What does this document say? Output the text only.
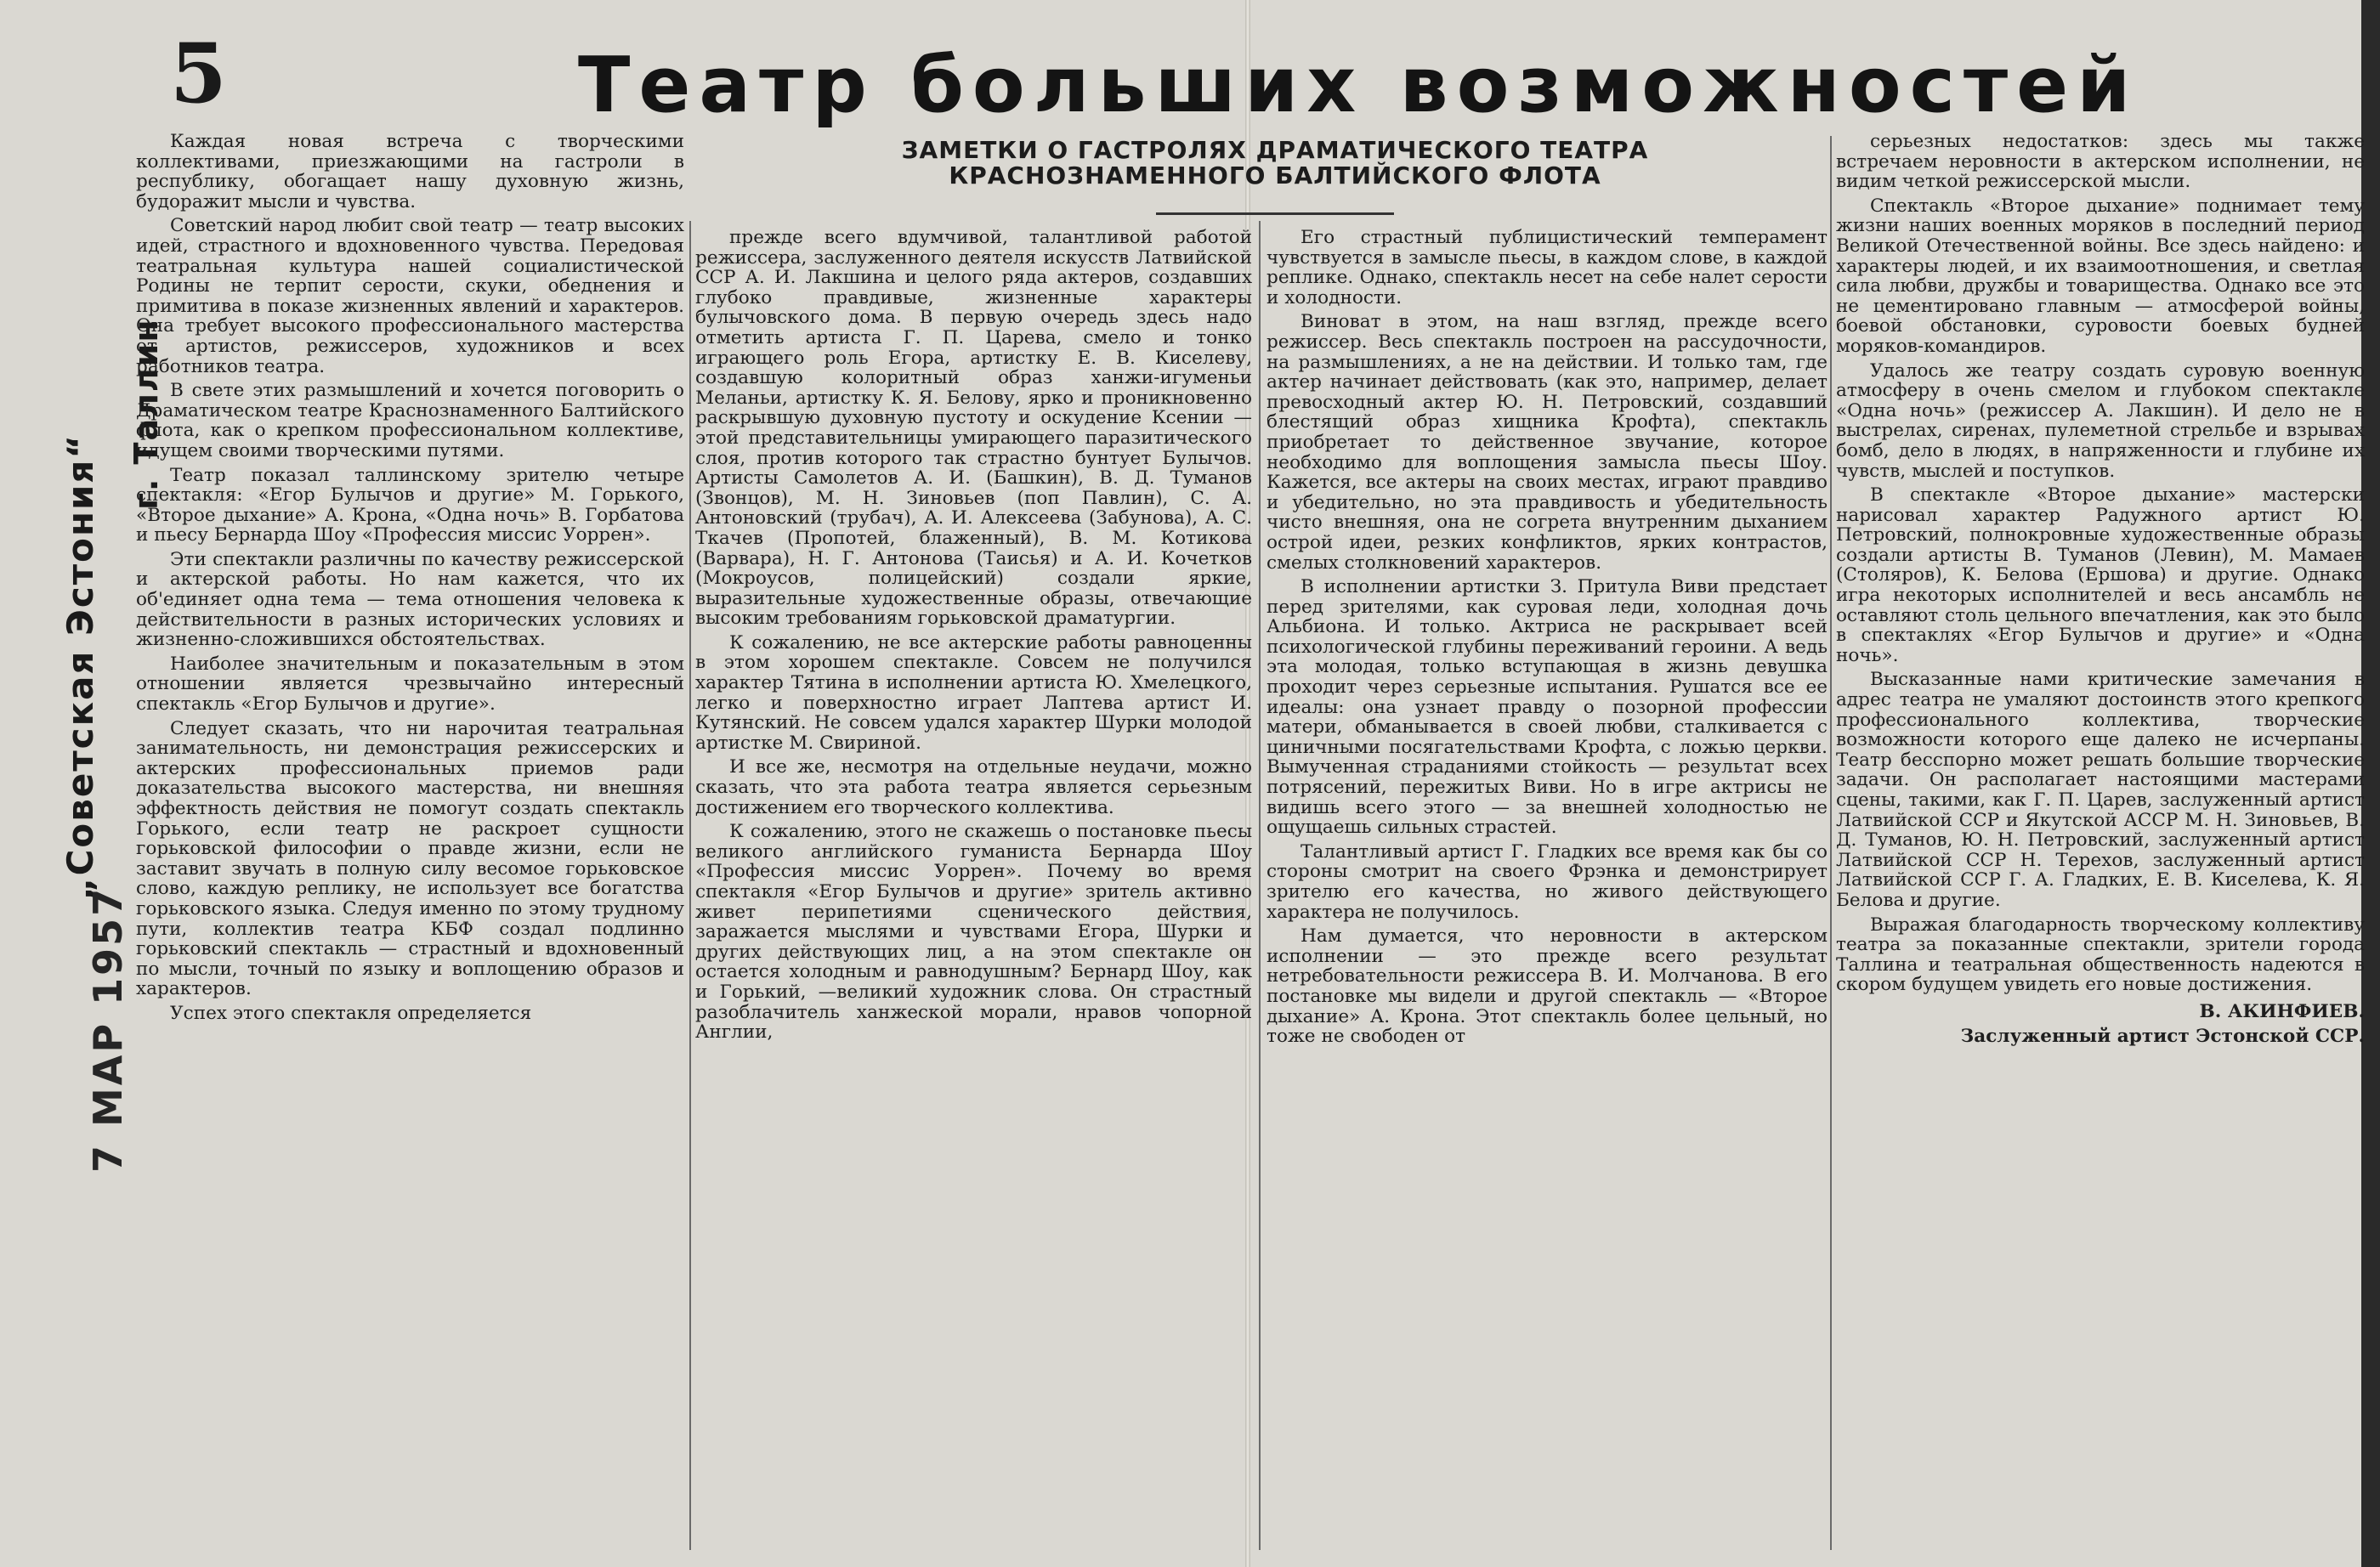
5	Театр больших возможностей
ЗАМЕТКИ О ГАСТРОЛЯХ ДРАМАТИЧЕСКОГО ТЕАТРА
КРАСНОЗНАМЕННОГО БАЛТИЙСКОГО ФЛОТА
„Советская Эстония“
г. Таллин
7 МАР 1957

Каждая новая встреча с творческими коллективами, приезжающими на гастроли в республику, обогащает нашу духовную жизнь, будоражит мысли и чувства.

Советский народ любит свой театр — театр высоких идей, страстного и вдохновенного чувства. Передовая театральная культура нашей социалистической Родины не терпит серости, скуки, обеднения и примитива в показе жизненных явлений и характеров. Она требует высокого профессионального мастерства от артистов, режиссеров, художников и всех работников театра.

В свете этих размышлений и хочется поговорить о Драматическом театре Краснознаменного Балтийского флота, как о крепком профессиональном коллективе, идущем своими творческими путями.

Театр показал таллинскому зрителю четыре спектакля: «Егор Булычов и другие» М. Горького, «Второе дыхание» А. Крона, «Одна ночь» В. Горбатова и пьесу Бернарда Шоу «Профессия миссис Уоррен».

Эти спектакли различны по качеству режиссерской и актерской работы. Но нам кажется, что их об'единяет одна тема — тема отношения человека к действительности в разных исторических условиях и жизненно-сложившихся обстоятельствах.

Наиболее значительным и показательным в этом отношении является чрезвычайно интересный спектакль «Егор Булычов и другие».

Следует сказать, что ни нарочитая театральная занимательность, ни демонстрация режиссерских и актерских профессиональных приемов ради доказательства высокого мастерства, ни внешняя эффектность действия не помогут создать спектакль Горького, если театр не раскроет сущности горьковской философии о правде жизни, если не заставит звучать в полную силу весомое горьковское слово, каждую реплику, не использует все богатства горьковского языка. Следуя именно по этому трудному пути, коллектив театра КБФ создал подлинно горьковский спектакль — страстный и вдохновенный по мысли, точный по языку и воплощению образов и характеров.

Успех этого спектакля определяется

прежде всего вдумчивой, талантливой работой режиссера, заслуженного деятеля искусств Латвийской ССР А. И. Лакшина и целого ряда актеров, создавших глубоко правдивые, жизненные характеры булычовского дома. В первую очередь здесь надо отметить артиста Г. П. Царева, смело и тонко играющего роль Егора, артистку Е. В. Киселеву, создавшую колоритный образ ханжи-игуменьи Меланьи, артистку К. Я. Белову, ярко и проникновенно раскрывшую духовную пустоту и оскудение Ксении — этой представительницы умирающего паразитического слоя, против которого так страстно бунтует Булычов. Артисты Самолетов А. И. (Башкин), В. Д. Туманов (Звонцов), М. Н. Зиновьев (поп Павлин), С. А. Антоновский (трубач), А. И. Алексеева (Забунова), А. С. Ткачев (Пропотей, блаженный), В. М. Котикова (Варвара), Н. Г. Антонова (Таисья) и А. И. Кочетков (Мокроусов, полицейский) создали яркие, выразительные художественные образы, отвечающие высоким требованиям горьковской драматургии.

К сожалению, не все актерские работы равноценны в этом хорошем спектакле. Совсем не получился характер Тятина в исполнении артиста Ю. Хмелецкого, легко и поверхностно играет Лаптева артист И. Кутянский. Не совсем удался характер Шурки молодой артистке М. Свириной.

И все же, несмотря на отдельные неудачи, можно сказать, что эта работа театра является серьезным достижением его творческого коллектива.

К сожалению, этого не скажешь о постановке пьесы великого английского гуманиста Бернарда Шоу «Профессия миссис Уоррен». Почему во время спектакля «Егор Булычов и другие» зритель активно живет перипетиями сценического действия, заражается мыслями и чувствами Егора, Шурки и других действующих лиц, а на этом спектакле он остается холодным и равнодушным? Бернард Шоу, как и Горький, —великий художник слова. Он страстный разоблачитель ханжеской морали, нравов чопорной Англии,

Его страстный публицистический темперамент чувствуется в замысле пьесы, в каждом слове, в каждой реплике. Однако, спектакль несет на себе налет серости и холодности.

Виноват в этом, на наш взгляд, прежде всего режиссер. Весь спектакль построен на рассудочности, на размышлениях, а не на действии. И только там, где актер начинает действовать (как это, например, делает превосходный актер Ю. Н. Петровский, создавший блестящий образ хищника Крофта), спектакль приобретает то действенное звучание, которое необходимо для воплощения замысла пьесы Шоу. Кажется, все актеры на своих местах, играют правдиво и убедительно, но эта правдивость и убедительность чисто внешняя, она не согрета внутренним дыханием острой идеи, резких конфликтов, ярких контрастов, смелых столкновений характеров.

В исполнении артистки З. Притула Виви предстает перед зрителями, как суровая леди, холодная дочь Альбиона. И только. Актриса не раскрывает всей психологической глубины переживаний героини. А ведь эта молодая, только вступающая в жизнь девушка проходит через серьезные испытания. Рушатся все ее идеалы: она узнает правду о позорной профессии матери, обманывается в своей любви, сталкивается с циничными посягательствами Крофта, с ложью церкви. Вымученная страданиями стойкость — результат всех потрясений, пережитых Виви. Но в игре актрисы не видишь всего этого — за внешней холодностью не ощущаешь сильных страстей.

Талантливый артист Г. Гладких все время как бы со стороны смотрит на своего Фрэнка и демонстрирует зрителю его качества, но живого действующего характера не получилось.

Нам думается, что неровности в актерском исполнении — это прежде всего результат нетребовательности режиссера В. И. Молчанова. В его постановке мы видели и другой спектакль — «Второе дыхание» А. Крона. Этот спектакль более цельный, но тоже не свободен от

серьезных недостатков: здесь мы также встречаем неровности в актерском исполнении, не видим четкой режиссерской мысли.

Спектакль «Второе дыхание» поднимает тему жизни наших военных моряков в последний период Великой Отечественной войны. Все здесь найдено: и характеры людей, и их взаимоотношения, и светлая сила любви, дружбы и товарищества. Однако все это не цементировано главным — атмосферой войны, боевой обстановки, суровости боевых будней моряков-командиров.

Удалось же театру создать суровую военную атмосферу в очень смелом и глубоком спектакле «Одна ночь» (режиссер А. Лакшин). И дело не в выстрелах, сиренах, пулеметной стрельбе и взрывах бомб, дело в людях, в напряженности и глубине их чувств, мыслей и поступков.

В спектакле «Второе дыхание» мастерски нарисовал характер Радужного артист Ю. Петровский, полнокровные художественные образы создали артисты В. Туманов (Левин), М. Мамаев (Столяров), К. Белова (Ершова) и другие. Однако игра некоторых исполнителей и весь ансамбль не оставляют столь цельного впечатления, как это было в спектаклях «Егор Булычов и другие» и «Одна ночь».

Высказанные нами критические замечания в адрес театра не умаляют достоинств этого крепкого профессионального коллектива, творческие возможности которого еще далеко не исчерпаны. Театр бесспорно может решать большие творческие задачи. Он располагает настоящими мастерами сцены, такими, как Г. П. Царев, заслуженный артист Латвийской ССР и Якутской АССР М. Н. Зиновьев, В. Д. Туманов, Ю. Н. Петровский, заслуженный артист Латвийской ССР Н. Терехов, заслуженный артист Латвийской ССР Г. А. Гладких, Е. В. Киселева, К. Я. Белова и другие.

Выражая благодарность творческому коллективу театра за показанные спектакли, зрители города Таллина и театральная общественность надеются в скором будущем увидеть его новые достижения.

В. АКИНФИЕВ.

Заслуженный артист Эстонской ССР.
